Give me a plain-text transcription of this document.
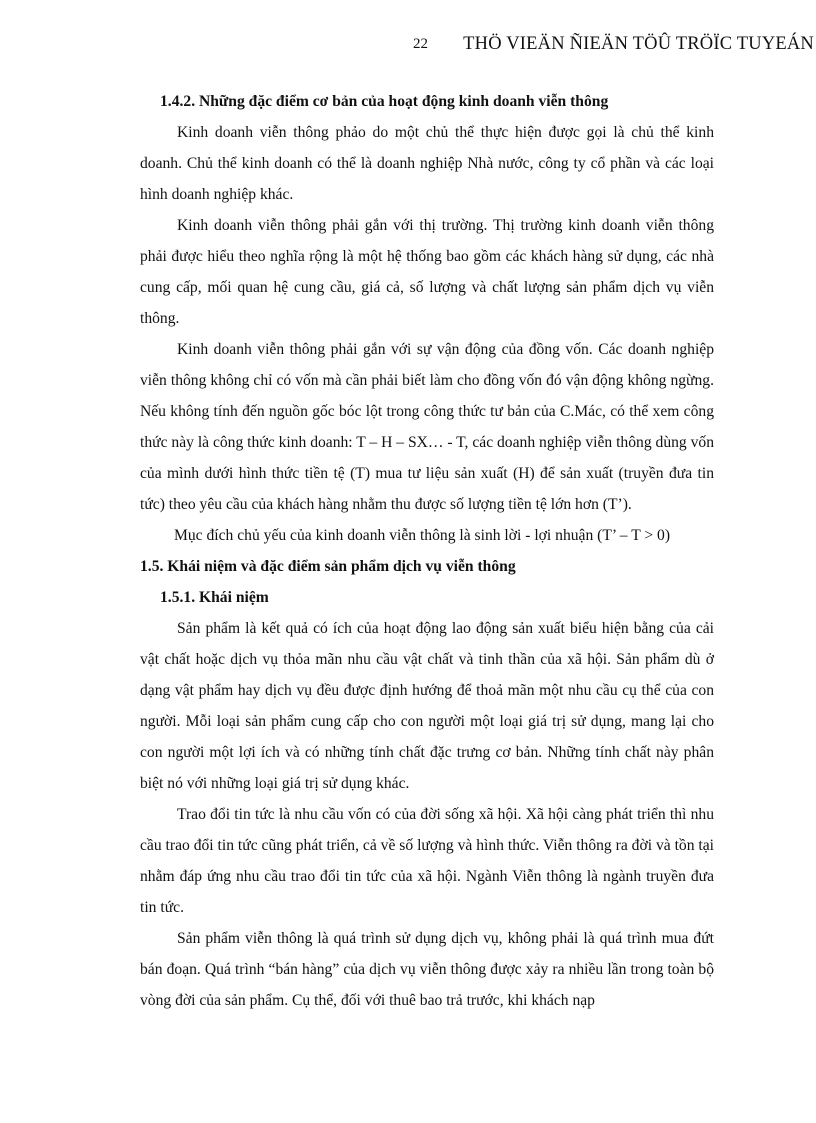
22 THÖ VIEÄN ÑIEÄN TÖÛ TRÖÏC TUYEÁN
1.4.2. Những đặc điểm cơ bản của hoạt động kinh doanh viễn thông

Kinh doanh viễn thông phảo do một chủ thể thực hiện được gọi là chủ thể kinh doanh. Chủ thể kinh doanh có thể là doanh nghiệp Nhà nước, công ty cổ phần và các loại hình doanh nghiệp khác.

Kinh doanh viễn thông phải gắn với thị trường. Thị trường kinh doanh viễn thông phải được hiểu theo nghĩa rộng là một hệ thống bao gồm các khách hàng sử dụng, các nhà cung cấp, mối quan hệ cung cầu, giá cả, số lượng và chất lượng sản phẩm dịch vụ viễn thông.

Kinh doanh viễn thông phải gắn với sự vận động của đồng vốn. Các doanh nghiệp viễn thông không chỉ có vốn mà cần phải biết làm cho đồng vốn đó vận động không ngừng. Nếu không tính đến nguồn gốc bóc lột trong công thức tư bản của C.Mác, có thể xem công thức này là công thức kinh doanh: T – H – SX… - T, các doanh nghiệp viễn thông dùng vốn của mình dưới hình thức tiền tệ (T) mua tư liệu sản xuất (H) để sản xuất (truyền đưa tin tức) theo yêu cầu của khách hàng nhằm thu được số lượng tiền tệ lớn hơn (T’).

Mục đích chủ yếu của kinh doanh viễn thông là sinh lời - lợi nhuận (T’ – T > 0)

1.5. Khái niệm và đặc điểm sản phẩm dịch vụ viễn thông
1.5.1. Khái niệm

Sản phẩm là kết quả có ích của hoạt động lao động sản xuất biểu hiện bằng của cải vật chất hoặc dịch vụ thỏa mãn nhu cầu vật chất và tinh thần của xã hội. Sản phẩm dù ở dạng vật phẩm hay dịch vụ đều được định hướng để thoả mãn một nhu cầu cụ thể của con người. Mỗi loại sản phẩm cung cấp cho con người một loại giá trị sử dụng, mang lại cho con người một lợi ích và có những tính chất đặc trưng cơ bản. Những tính chất này phân biệt nó với những loại giá trị sử dụng khác.

Trao đổi tin tức là nhu cầu vốn có của đời sống xã hội. Xã hội càng phát triển thì nhu cầu trao đổi tin tức cũng phát triển, cả về số lượng và hình thức. Viễn thông ra đời và tồn tại nhằm đáp ứng nhu cầu trao đổi tin tức của xã hội. Ngành Viễn thông là ngành truyền đưa tin tức.

Sản phẩm viễn thông là quá trình sử dụng dịch vụ, không phải là quá trình mua đứt bán đoạn. Quá trình “bán hàng” của dịch vụ viễn thông được xảy ra nhiều lần trong toàn bộ vòng đời của sản phẩm. Cụ thể, đối với thuê bao trả trước, khi khách nạp
